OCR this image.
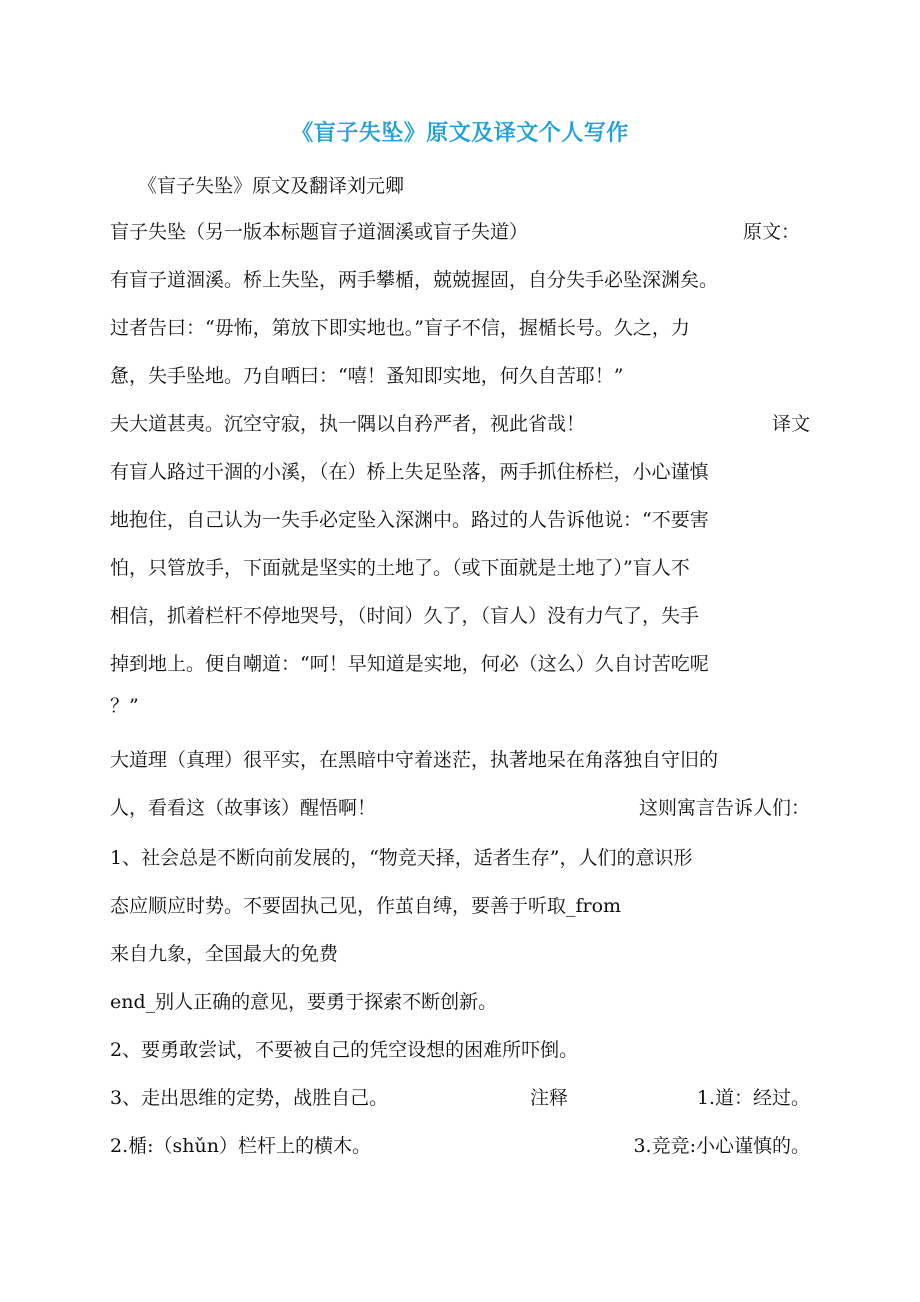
《盲子失坠》原文及译文个人写作
《盲子失坠》原文及翻译刘元卿
盲子失坠（另一版本标题盲子道涸溪或盲子失道）	原文：
有盲子道涸溪。桥上失坠，两手攀楯，兢兢握固，自分失手必坠深渊矣。
过者告曰：“毋怖，第放下即实地也。”盲子不信，握楯长号。久之，力
惫，失手坠地。乃自哂曰：“嘻！蚤知即实地，何久自苦耶！”
夫大道甚夷。沉空守寂，执一隅以自矜严者，视此省哉！	译文
有盲人路过干涸的小溪，（在）桥上失足坠落，两手抓住桥栏，小心谨慎
地抱住，自己认为一失手必定坠入深渊中。路过的人告诉他说：“不要害
怕，只管放手，下面就是坚实的土地了。（或下面就是土地了）”盲人不
相信，抓着栏杆不停地哭号，（时间）久了，（盲人）没有力气了，失手
掉到地上。便自嘲道：“呵！早知道是实地，何必（这么）久自讨苦吃呢
？”
大道理（真理）很平实，在黑暗中守着迷茫，执著地呆在角落独自守旧的
人，看看这（故事该）醒悟啊！	这则寓言告诉人们：
1、社会总是不断向前发展的，“物竞天择，适者生存”，人们的意识形
态应顺应时势。不要固执己见，作茧自缚，要善于听取_from
来自九象，全国最大的免费
end_别人正确的意见，要勇于探索不断创新。
2、要勇敢尝试，不要被自己的凭空设想的困难所吓倒。
3、走出思维的定势，战胜自己。	注释	1.道：经过。
2.楯:（shǔn）栏杆上的横木。	3.竞竞:小心谨慎的。
